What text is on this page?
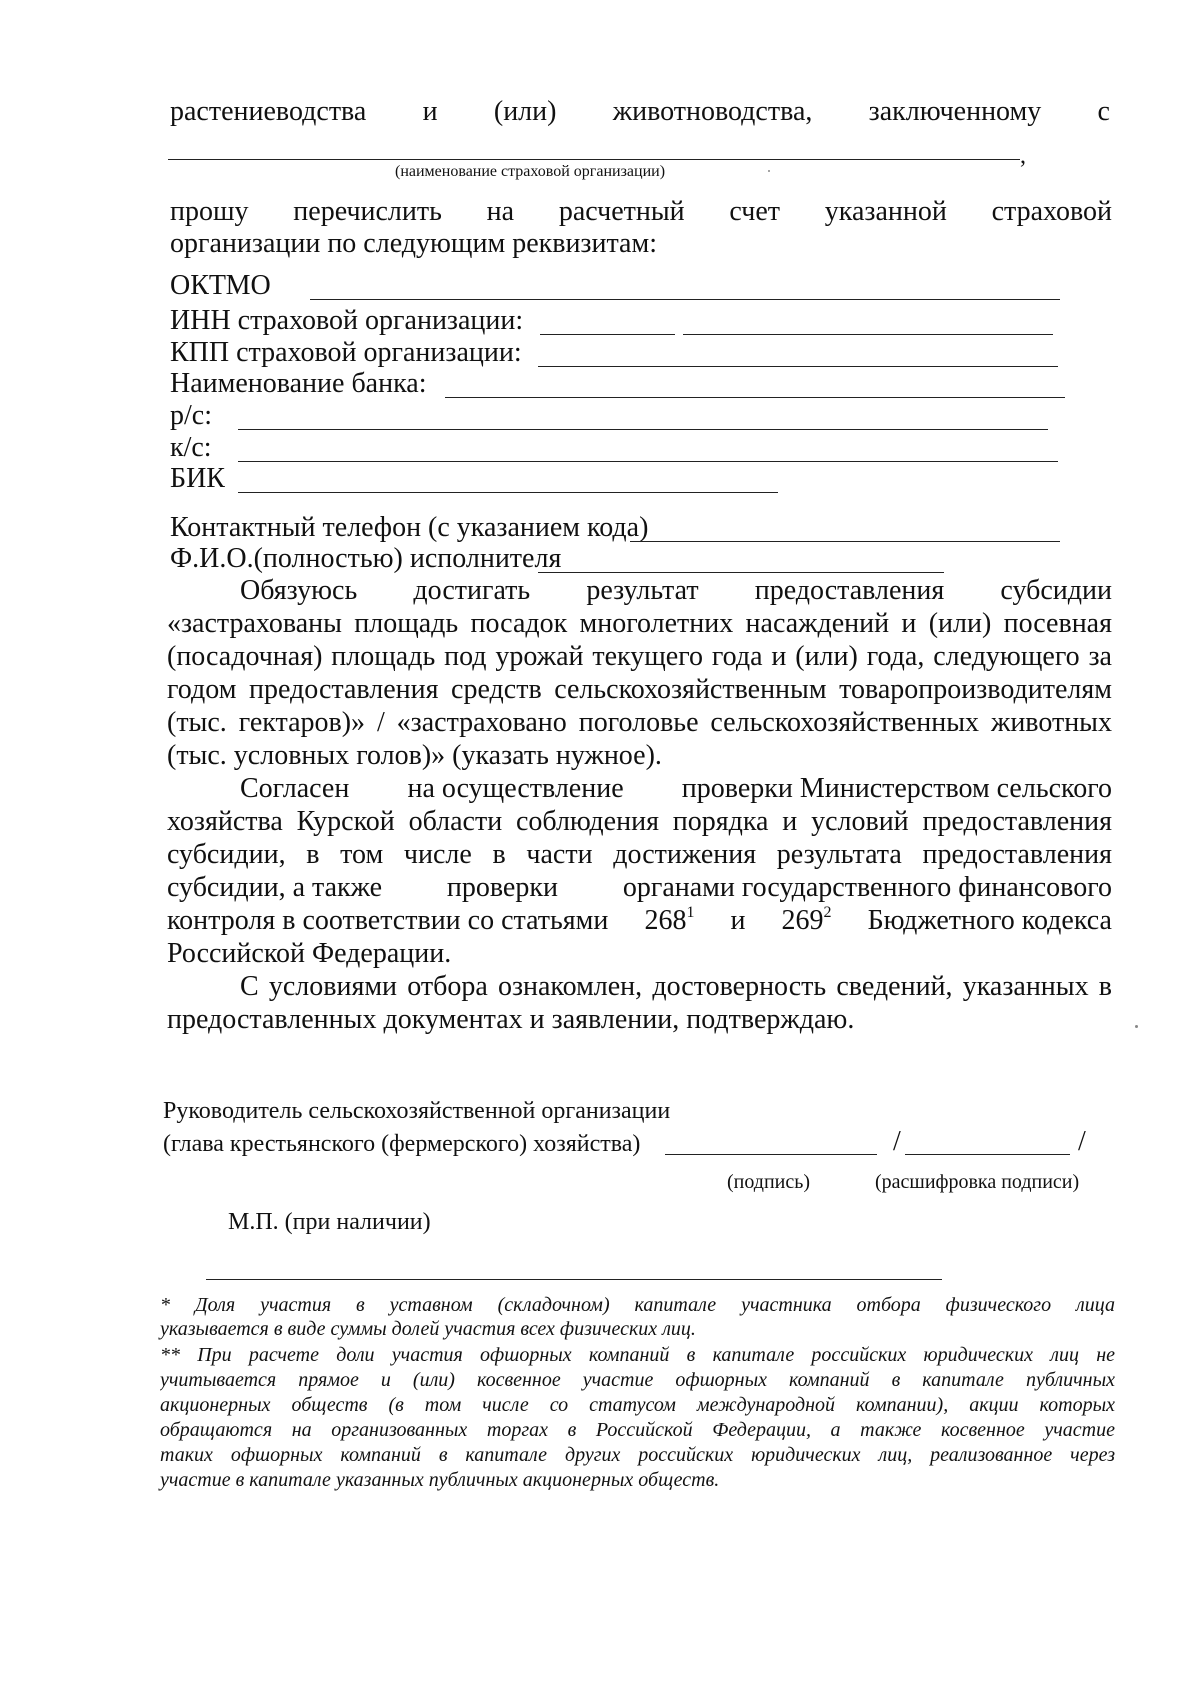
растениеводства и (или) животноводства, заключенному с
,
(наименование страховой организации)
прошу перечислить на расчетный счет указанной страховой
организации по следующим реквизитам:
ОКТМО
ИНН страховой организации:
КПП страховой организации:
Наименование банка:
р/с:
к/с:
БИК
Контактный телефон (с указанием кода)
Ф.И.О.(полностью) исполнителя
Обязуюсь достигать результат предоставления субсидии
«застрахованы площадь посадок многолетних насаждений и (или) посевная
(посадочная) площадь под урожай текущего года и (или) года, следующего за
годом предоставления средств сельскохозяйственным товаропроизводителям
(тыс. гектаров)» / «застраховано поголовье сельскохозяйственных животных
(тыс. условных голов)» (указать нужное).
Согласен на осуществление проверки Министерством сельского
хозяйства Курской области соблюдения порядка и условий предоставления
субсидии, в том числе в части достижения результата предоставления
субсидии, а также проверки органами государственного финансового
контроля в соответствии со статьями $268^1$ и $269^2$ Бюджетного кодекса
Российской Федерации.
С условиями отбора ознакомлен, достоверность сведений, указанных в
предоставленных документах и заявлении, подтверждаю.
Руководитель сельскохозяйственной организации
(глава крестьянского (фермерского) хозяйства)	/	/
(подпись)	(расшифровка подписи)
М.П. (при наличии)
* Доля участия в уставном (складочном) капитале участника отбора физического лица
указывается в виде суммы долей участия всех физических лиц.
** При расчете доли участия офшорных компаний в капитале российских юридических лиц не
учитывается прямое и (или) косвенное участие офшорных компаний в капитале публичных
акционерных обществ (в том числе со статусом международной компании), акции которых
обращаются на организованных торгах в Российской Федерации, а также косвенное участие
таких офшорных компаний в капитале других российских юридических лиц, реализованное через
участие в капитале указанных публичных акционерных обществ.
